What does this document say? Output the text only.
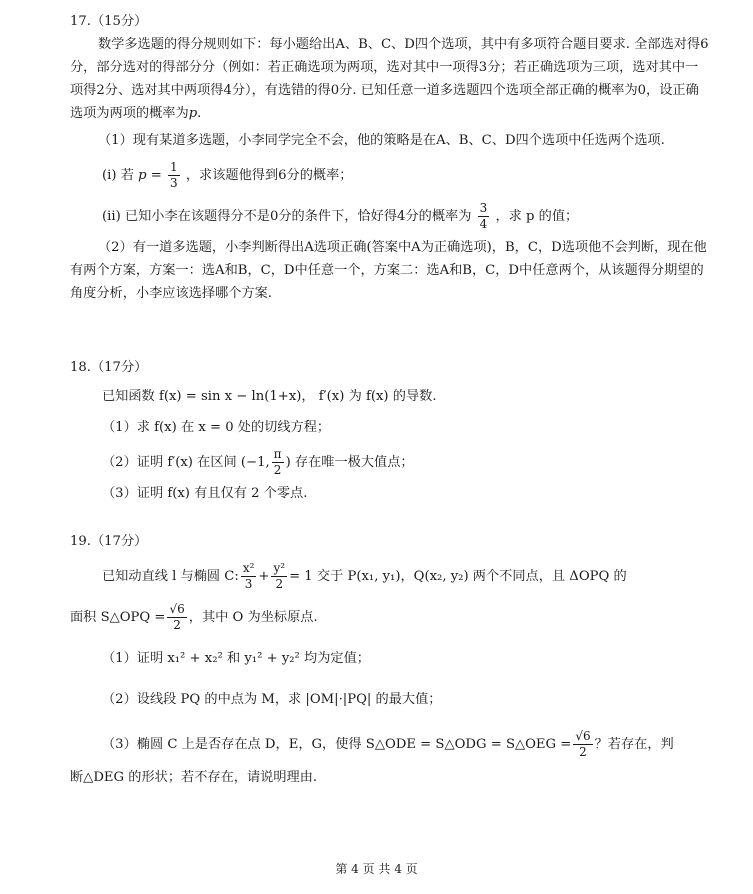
17.（15分）

数学多选题的得分规则如下：每小题给出A、B、C、D四个选项，其中有多项符合题目要求. 全部选对得6分，部分选对的得部分分（例如：若正确选项为两项，选对其中一项得3分；若正确选项为三项，选对其中一项得2分、选对其中两项得4分），有选错的得0分. 已知任意一道多选题四个选项全部正确的概率为0，设正确选项为两项的概率为p.

（1）现有某道多选题，小李同学完全不会，他的策略是在A、B、C、D四个选项中任选两个选项.

(i) 若 $p = \frac{1}{3}$ ，求该题他得到6分的概率；

(ii) 已知小李在该题得分不是0分的条件下，恰好得4分的概率为 $\frac{3}{4}$ ，求 p 的值；

（2）有一道多选题，小李判断得出A选项正确(答案中A为正确选项)，B，C，D选项他不会判断，现在他有两个方案，方案一：选A和B，C，D中任意一个，方案二：选A和B，C，D中任意两个，从该题得分期望的角度分析，小李应该选择哪个方案.

18.（17分）

已知函数 f(x) = sin x − ln(1+x)， f′(x) 为 f(x) 的导数.

（1）求 f(x) 在 x = 0 处的切线方程；

（2）证明 f′(x) 在区间 (−1, $\frac{\pi}{2}$ ) 存在唯一极大值点；

（3）证明 f(x) 有且仅有 2 个零点.

19.（17分）

已知动直线 l 与椭圆 C: $\frac{\text{x²}}{3} + \frac{\text{y²}}{2} = 1$ 交于 P(x₁, y₁)，Q(x₂, y₂) 两个不同点，且 ΔOPQ 的

面积 S△OPQ = $\frac{√6}{2}$ ，其中 O 为坐标原点.

（1）证明 x₁² + x₂² 和 y₁² + y₂² 均为定值；

（2）设线段 PQ 的中点为 M，求 |OM|·|PQ| 的最大值；

（3）椭圆 C 上是否存在点 D，E，G，使得 S△ODE = S△ODG = S△OEG = $\frac{√6}{2}$ ？若存在，判

断△DEG 的形状；若不存在，请说明理由.

第 4 页 共 4 页
